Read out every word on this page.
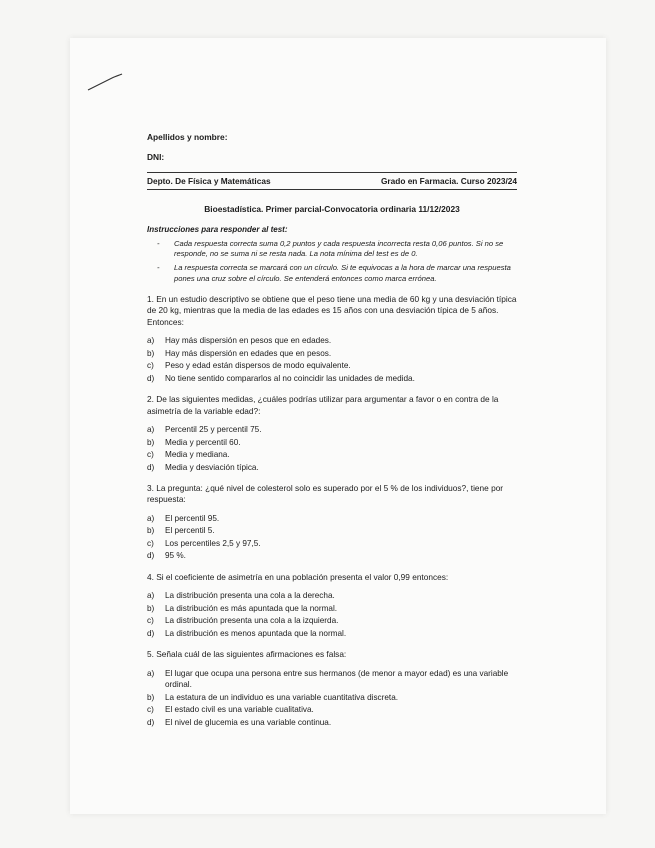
Apellidos y nombre:

DNI:

Depto. De Física y Matemáticas	Grado en Farmacia. Curso 2023/24
Bioestadística. Primer parcial-Convocatoria ordinaria 11/12/2023
Instrucciones para responder al test:
- Cada respuesta correcta suma 0,2 puntos y cada respuesta incorrecta resta 0,06 puntos. Si no se responde, no se suma ni se resta nada. La nota mínima del test es de 0.
- La respuesta correcta se marcará con un círculo. Si te equivocas a la hora de marcar una respuesta pones una cruz sobre el círculo. Se entenderá entonces como marca errónea.
1. En un estudio descriptivo se obtiene que el peso tiene una media de 60 kg y una desviación típica de 20 kg, mientras que la media de las edades es 15 años con una desviación típica de 5 años. Entonces:
a) Hay más dispersión en pesos que en edades.
b) Hay más dispersión en edades que en pesos.
c) Peso y edad están dispersos de modo equivalente.
d) No tiene sentido compararlos al no coincidir las unidades de medida.
2. De las siguientes medidas, ¿cuáles podrías utilizar para argumentar a favor o en contra de la asimetría de la variable edad?:
a) Percentil 25 y percentil 75.
b) Media y percentil 60.
c) Media y mediana.
d) Media y desviación típica.
3. La pregunta: ¿qué nivel de colesterol solo es superado por el 5 % de los individuos?, tiene por respuesta:
a) El percentil 95.
b) El percentil 5.
c) Los percentiles 2,5 y 97,5.
d) 95 %.
4. Si el coeficiente de asimetría en una población presenta el valor 0,99 entonces:
a) La distribución presenta una cola a la derecha.
b) La distribución es más apuntada que la normal.
c) La distribución presenta una cola a la izquierda.
d) La distribución es menos apuntada que la normal.
5. Señala cuál de las siguientes afirmaciones es falsa:
a) El lugar que ocupa una persona entre sus hermanos (de menor a mayor edad) es una variable ordinal.
b) La estatura de un individuo es una variable cuantitativa discreta.
c) El estado civil es una variable cualitativa.
d) El nivel de glucemia es una variable continua.
